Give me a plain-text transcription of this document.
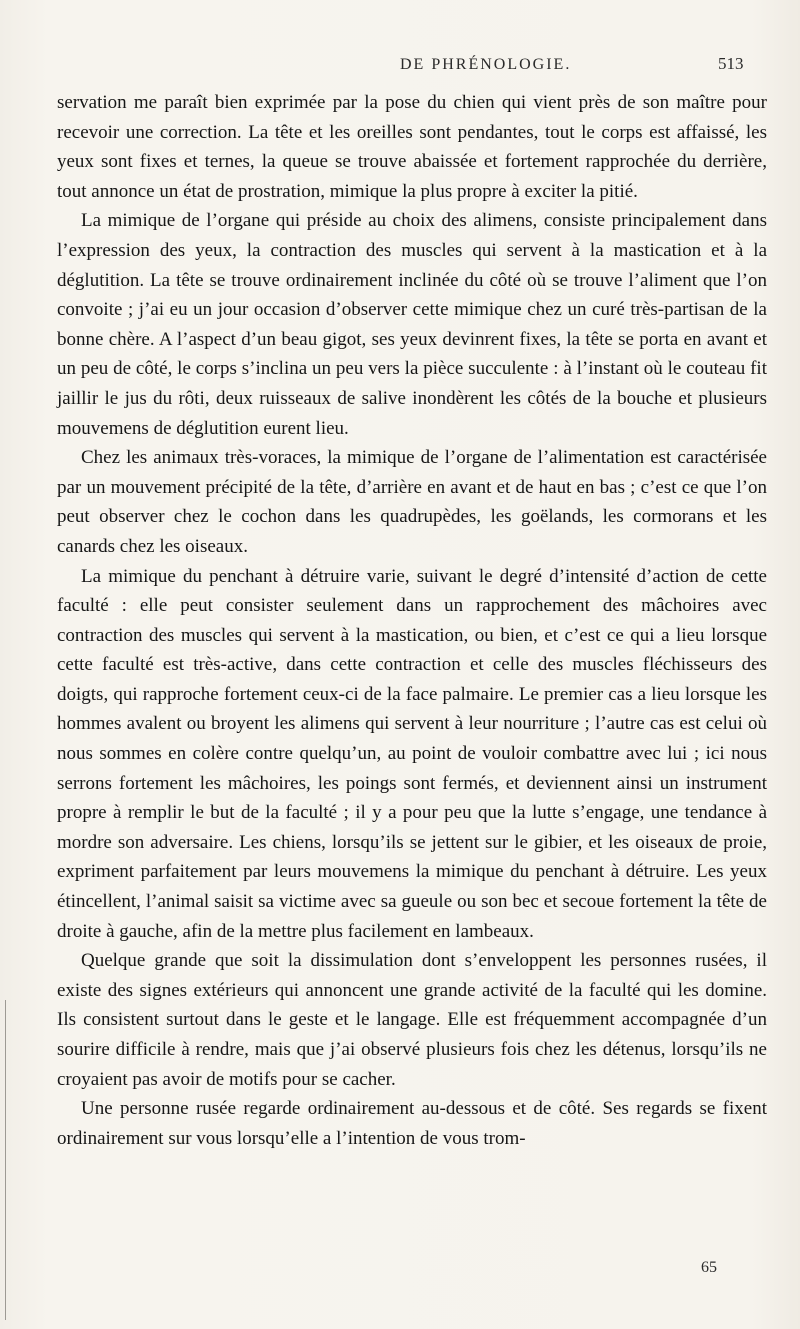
DE PHRÉNOLOGIE.	513

servation me paraît bien exprimée par la pose du chien qui vient près de son maître pour recevoir une correction. La tête et les oreilles sont pendantes, tout le corps est affaissé, les yeux sont fixes et ternes, la queue se trouve abaissée et fortement rapprochée du derrière, tout annonce un état de prostration, mimique la plus propre à exciter la pitié.

La mimique de l’organe qui préside au choix des alimens, consiste principalement dans l’expression des yeux, la contraction des muscles qui servent à la mastication et à la déglutition. La tête se trouve ordinairement inclinée du côté où se trouve l’aliment que l’on convoite ; j’ai eu un jour occasion d’observer cette mimique chez un curé très-partisan de la bonne chère. A l’aspect d’un beau gigot, ses yeux devinrent fixes, la tête se porta en avant et un peu de côté, le corps s’inclina un peu vers la pièce succulente : à l’instant où le couteau fit jaillir le jus du rôti, deux ruisseaux de salive inondèrent les côtés de la bouche et plusieurs mouvemens de déglutition eurent lieu.

Chez les animaux très-voraces, la mimique de l’organe de l’alimentation est caractérisée par un mouvement précipité de la tête, d’arrière en avant et de haut en bas ; c’est ce que l’on peut observer chez le cochon dans les quadrupèdes, les goëlands, les cormorans et les canards chez les oiseaux.

La mimique du penchant à détruire varie, suivant le degré d’intensité d’action de cette faculté : elle peut consister seulement dans un rapprochement des mâchoires avec contraction des muscles qui servent à la mastication, ou bien, et c’est ce qui a lieu lorsque cette faculté est très-active, dans cette contraction et celle des muscles fléchisseurs des doigts, qui rapproche fortement ceux-ci de la face palmaire. Le premier cas a lieu lorsque les hommes avalent ou broyent les alimens qui servent à leur nourriture ; l’autre cas est celui où nous sommes en colère contre quelqu’un, au point de vouloir combattre avec lui ; ici nous serrons fortement les mâchoires, les poings sont fermés, et deviennent ainsi un instrument propre à remplir le but de la faculté ; il y a pour peu que la lutte s’engage, une tendance à mordre son adversaire. Les chiens, lorsqu’ils se jettent sur le gibier, et les oiseaux de proie, expriment parfaitement par leurs mouvemens la mimique du penchant à détruire. Les yeux étincellent, l’animal saisit sa victime avec sa gueule ou son bec et secoue fortement la tête de droite à gauche, afin de la mettre plus facilement en lambeaux.

Quelque grande que soit la dissimulation dont s’enveloppent les personnes rusées, il existe des signes extérieurs qui annoncent une grande activité de la faculté qui les domine. Ils consistent surtout dans le geste et le langage. Elle est fréquemment accompagnée d’un sourire difficile à rendre, mais que j’ai observé plusieurs fois chez les détenus, lorsqu’ils ne croyaient pas avoir de motifs pour se cacher.

Une personne rusée regarde ordinairement au-dessous et de côté. Ses regards se fixent ordinairement sur vous lorsqu’elle a l’intention de vous trom-

65
